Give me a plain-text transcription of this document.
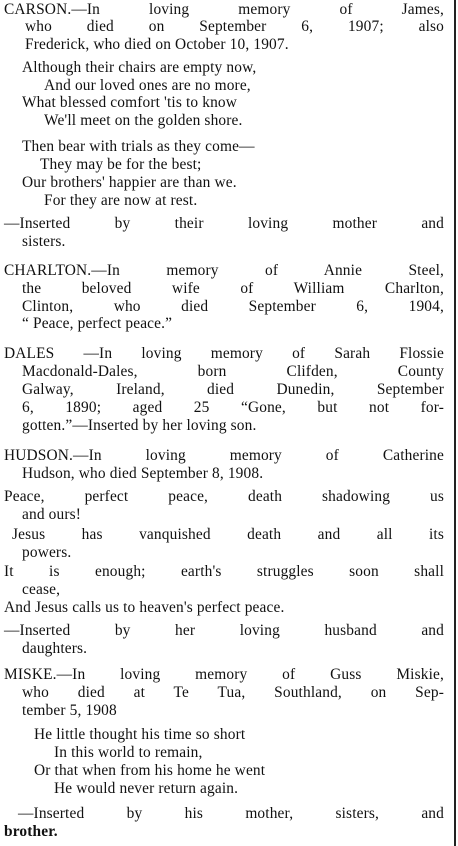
CARSON.—In loving memory of James,
who died on September 6, 1907; also
Frederick, who died on October 10, 1907.
Although their chairs are empty now,
And our loved ones are no more,
What blessed comfort 'tis to know
We'll meet on the golden shore.
Then bear with trials as they come—
They may be for the best;
Our brothers' happier are than we.
For they are now at rest.
—Inserted by their loving mother and
sisters.
CHARLTON.—In memory of Annie Steel,
the beloved wife of William Charlton,
Clinton, who died September 6, 1904,
“ Peace, perfect peace.”
DALES —In loving memory of Sarah Flossie
Macdonald-Dales, born Clifden, County
Galway, Ireland, died Dunedin, September
6, 1890; aged 25 “Gone, but not for-
gotten.”—Inserted by her loving son.
HUDSON.—In loving memory of Catherine
Hudson, who died September 8, 1908.
Peace, perfect peace, death shadowing us
and ours!
Jesus has vanquished death and all its
powers.
It is enough; earth's struggles soon shall
cease,
And Jesus calls us to heaven's perfect peace.
—Inserted by her loving husband and
daughters.
MISKE.—In loving memory of Guss Miskie,
who died at Te Tua, Southland, on Sep-
tember 5, 1908
He little thought his time so short
In this world to remain,
Or that when from his home he went
He would never return again.
—Inserted by his mother, sisters, and
brother.
